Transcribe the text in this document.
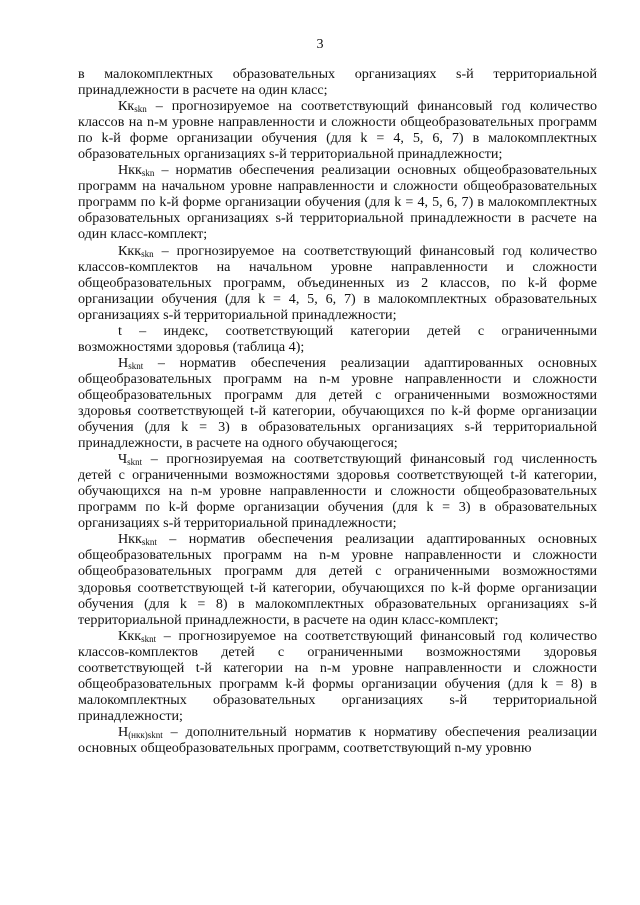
3

в малокомплектных образовательных организациях s-й территориальной принадлежности в расчете на один класс;

$Кк_{skn}$ – прогнозируемое на соответствующий финансовый год количество классов на n-м уровне направленности и сложности общеобразовательных программ по k-й форме организации обучения (для k = 4, 5, 6, 7) в малокомплектных образовательных организациях s-й территориальной принадлежности;

Нкк$_{skn}$ – норматив обеспечения реализации основных общеобразовательных программ на начальном уровне направленности и сложности общеобразовательных программ по k-й форме организации обучения (для k = 4, 5, 6, 7) в малокомплектных образовательных организациях s-й территориальной принадлежности в расчете на один класс-комплект;

Ккк$_{skn}$ – прогнозируемое на соответствующий финансовый год количество классов-комплектов на начальном уровне направленности и сложности общеобразовательных программ, объединенных из 2 классов, по k-й форме организации обучения (для k = 4, 5, 6, 7) в малокомплектных образовательных организациях s-й территориальной принадлежности;

t – индекс, соответствующий категории детей с ограниченными возможностями здоровья (таблица 4);

$Н_{sknt}$ – норматив обеспечения реализации адаптированных основных общеобразовательных программ на n-м уровне направленности и сложности общеобразовательных программ для детей с ограниченными возможностями здоровья соответствующей t-й категории, обучающихся по k-й форме организации обучения (для k = 3) в образовательных организациях s-й территориальной принадлежности, в расчете на одного обучающегося;

$Ч_{sknt}$ – прогнозируемая на соответствующий финансовый год численность детей с ограниченными возможностями здоровья соответствующей t-й категории, обучающихся на n-м уровне направленности и сложности общеобразовательных программ по k-й форме организации обучения (для k = 3) в образовательных организациях s-й территориальной принадлежности;

Нкк$_{sknt}$ – норматив обеспечения реализации адаптированных основных общеобразовательных программ на n-м уровне направленности и сложности общеобразовательных программ для детей с ограниченными возможностями здоровья соответствующей t-й категории, обучающихся по k-й форме организации обучения (для k = 8) в малокомплектных образовательных организациях s-й территориальной принадлежности, в расчете на один класс-комплект;

Ккк$_{sknt}$ – прогнозируемое на соответствующий финансовый год количество классов-комплектов детей с ограниченными возможностями здоровья соответствующей t-й категории на n-м уровне направленности и сложности общеобразовательных программ k-й формы организации обучения (для k = 8) в малокомплектных образовательных организациях s-й территориальной принадлежности;

$Н_{(нкк)sknt}$ – дополнительный норматив к нормативу обеспечения реализации основных общеобразовательных программ, соответствующий n-му уровню
